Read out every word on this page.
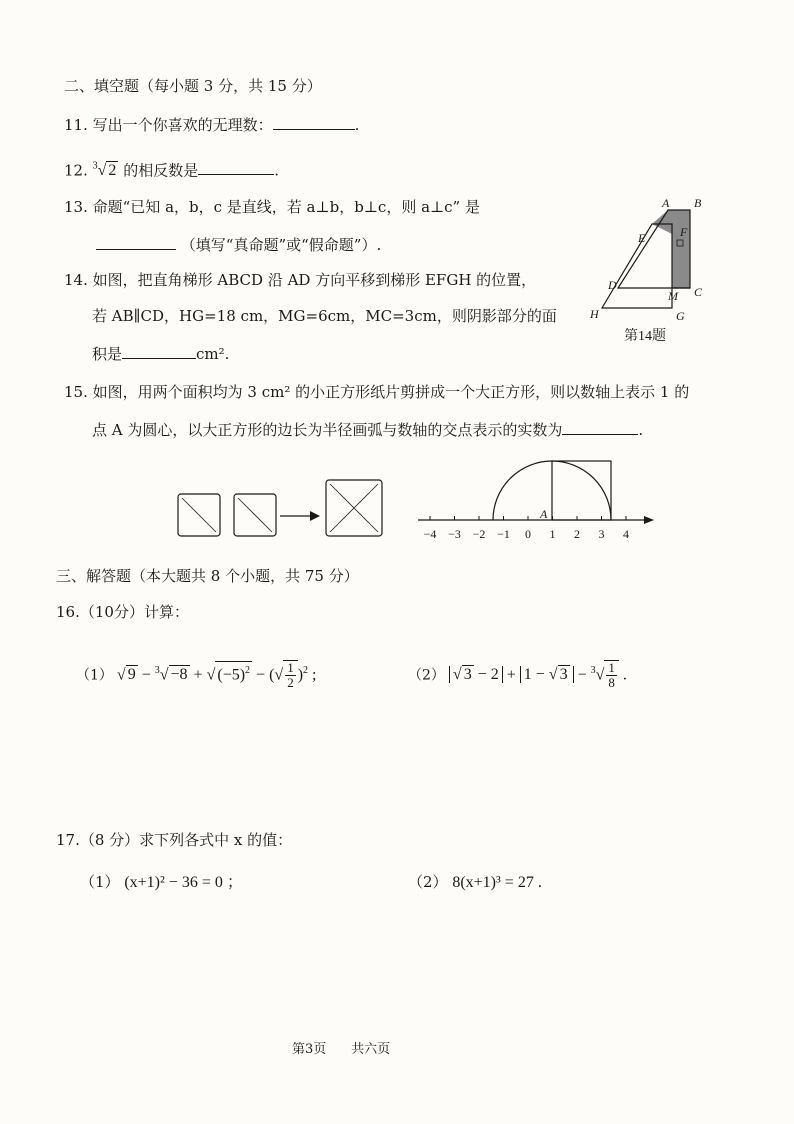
二、填空题（每小题 3 分，共 15 分）
11. 写出一个你喜欢的无理数：	.
12. $^3$√ 2 的相反数是	.
13. 命题“已知 a，b，c 是直线，若 a⊥b，b⊥c，则 a⊥c” 是
（填写“真命题”或“假命题”）.
14. 如图，把直角梯形 ABCD 沿 AD 方向平移到梯形 EFGH 的位置，
若 AB∥CD，HG=18 cm，MG=6cm，MC=3cm，则阴影部分的面
积是	cm².
A B
E	F
D
M C
H	G
第14题
15. 如图，用两个面积均为 3 cm² 的小正方形纸片剪拼成一个大正方形，则以数轴上表示 1 的
点 A 为圆心，以大正方形的边长为半径画弧与数轴的交点表示的实数为	.
−4 −3 −2 −1 0 1 2 3 4
A
三、解答题（本大题共 8 个小题，共 75 分）
16.（10分）计算：
（1） √ 9 − $^3$√ −8 + √ $(-5)^2$ − (√ $\frac{1}{2} )^2$ ;	（2） √ 3 − 2 + 1 − √ $3 - ^3√ \frac{1}{8}$ .
17.（8 分）求下列各式中 x 的值：
（1） (x+1)² − 36 = 0 ；	（2） 8(x+1)³ = 27 .
第3页 共六页
